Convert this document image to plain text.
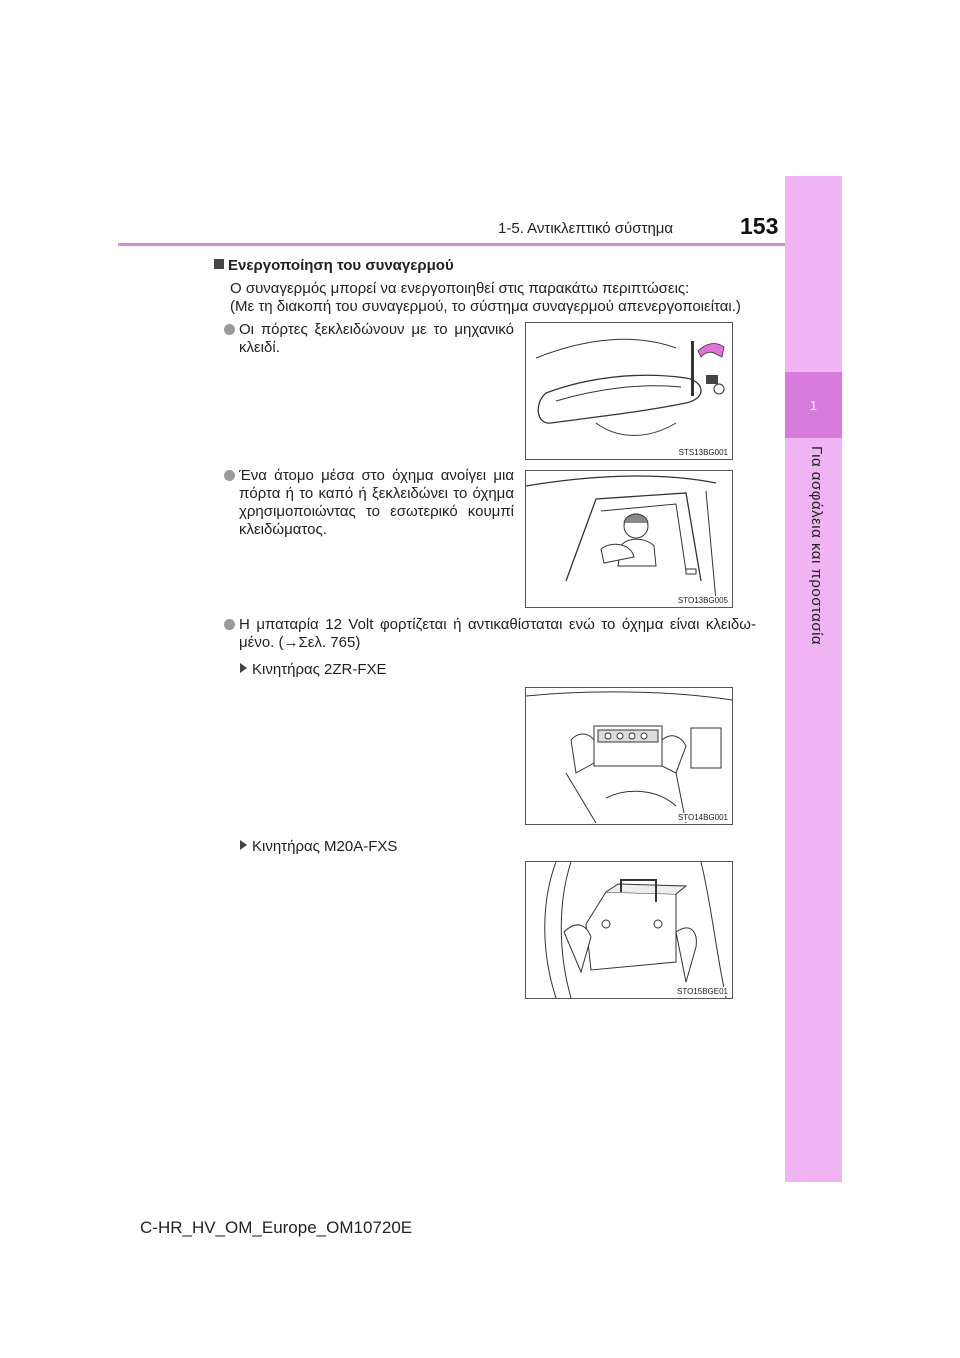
1
Για ασφάλεια και προστασία
1-5. Αντικλεπτικό σύστημα	153
Ενεργοποίηση του συναγερμού
Ο συναγερμός μπορεί να ενεργοποιηθεί στις παρακάτω περιπτώσεις:
(Με τη διακοπή του συναγερμού, το σύστημα συναγερμού απενεργοποιείται.)
Οι πόρτες ξεκλειδώνουν με το μηχανικό κλειδί.
STS13BG001
Ένα άτομο μέσα στο όχημα ανοίγει μια πόρτα ή το καπό ή ξεκλειδώνει το όχημα χρησιμοποιώντας το εσωτερικό κουμπί κλειδώματος.
STO13BG005
Η μπαταρία 12 Volt φορτίζεται ή αντικαθίσταται ενώ το όχημα είναι κλειδω-μένο. (→Σελ. 765)
Κινητήρας 2ZR-FXE
STO14BG001
Κινητήρας M20A-FXS
STO15BGE01
C-HR_HV_OM_Europe_OM10720E
